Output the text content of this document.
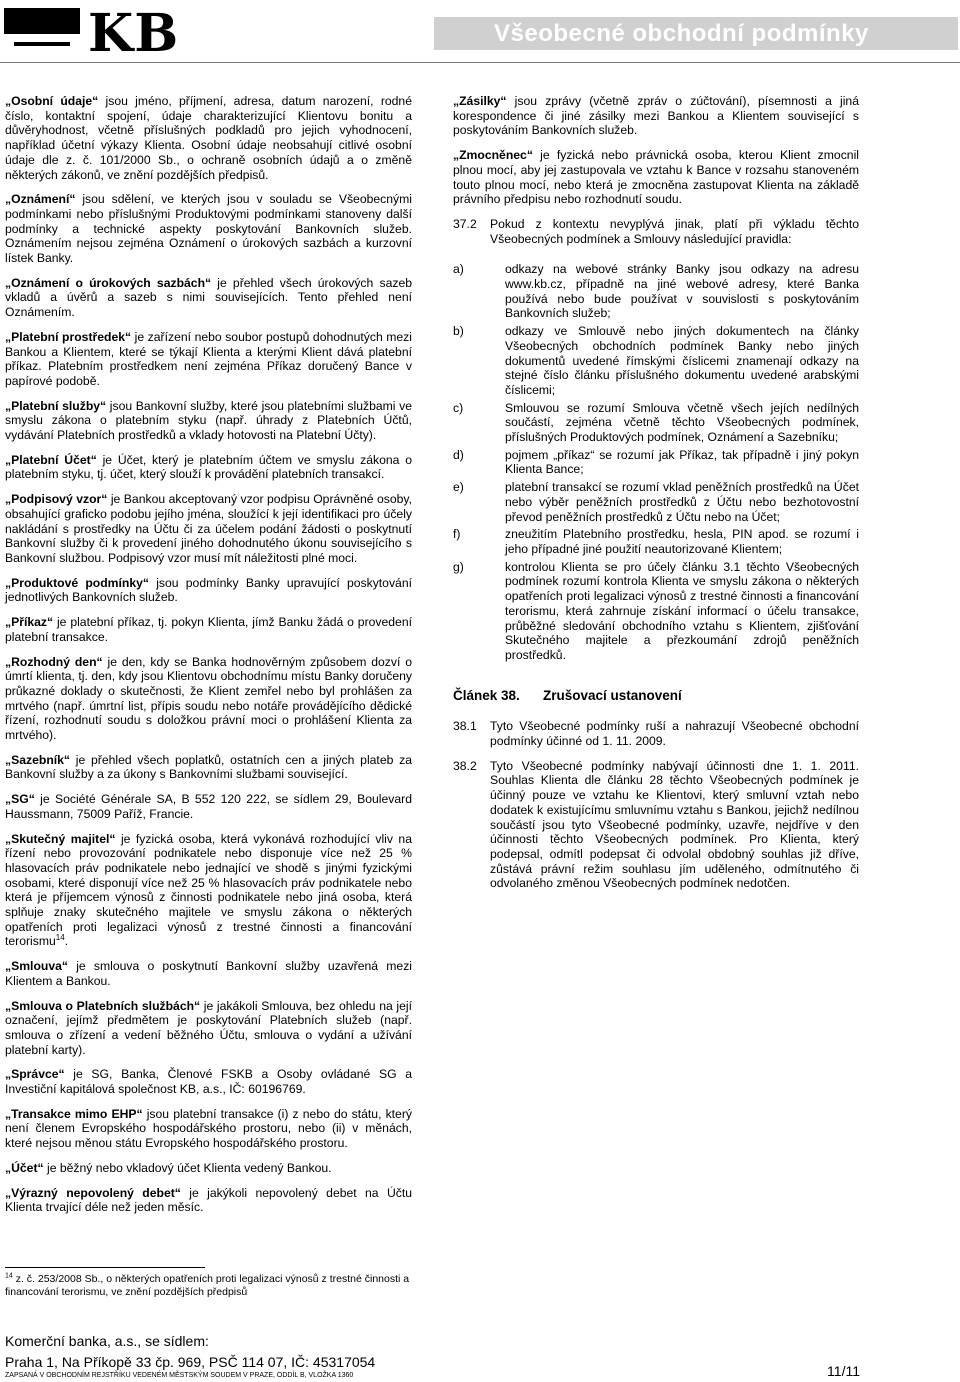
KB	Všeobecné obchodní podmínky

„Osobní údaje“ jsou jméno, příjmení, adresa, datum narození, rodné číslo, kontaktní spojení, údaje charakterizující Klientovu bonitu a důvěryhodnost, včetně příslušných podkladů pro jejich vyhodnocení, například účetní výkazy Klienta. Osobní údaje neobsahují citlivé osobní údaje dle z. č. 101/2000 Sb., o ochraně osobních údajů a o změně některých zákonů, ve znění pozdějších předpisů.

„Oznámení“ jsou sdělení, ve kterých jsou v souladu se Všeobecnými podmínkami nebo příslušnými Produktovými podmínkami stanoveny další podmínky a technické aspekty poskytování Bankovních služeb. Oznámením nejsou zejména Oznámení o úrokových sazbách a kurzovní lístek Banky.

„Oznámení o úrokových sazbách“ je přehled všech úrokových sazeb vkladů a úvěrů a sazeb s nimi souvisejících. Tento přehled není Oznámením.

„Platební prostředek“ je zařízení nebo soubor postupů dohodnutých mezi Bankou a Klientem, které se týkají Klienta a kterými Klient dává platební příkaz. Platebním prostředkem není zejména Příkaz doručený Bance v papírové podobě.

„Platební služby“ jsou Bankovní služby, které jsou platebními službami ve smyslu zákona o platebním styku (např. úhrady z Platebních Účtů, vydávání Platebních prostředků a vklady hotovosti na Platební Účty).

„Platební Účet“ je Účet, který je platebním účtem ve smyslu zákona o platebním styku, tj. účet, který slouží k provádění platebních transakcí.

„Podpisový vzor“ je Bankou akceptovaný vzor podpisu Oprávněné osoby, obsahující graficko podobu jejího jména, sloužící k její identifikaci pro účely nakládání s prostředky na Účtu či za účelem podání žádosti o poskytnutí Bankovní služby či k provedení jiného dohodnutého úkonu souvisejícího s Bankovní službou. Podpisový vzor musí mít náležitosti plné moci.

„Produktové podmínky“ jsou podmínky Banky upravující poskytování jednotlivých Bankovních služeb.

„Příkaz“ je platební příkaz, tj. pokyn Klienta, jímž Banku žádá o provedení platební transakce.

„Rozhodný den“ je den, kdy se Banka hodnověrným způsobem dozví o úmrtí klienta, tj. den, kdy jsou Klientovu obchodnímu místu Banky doručeny průkazné doklady o skutečnosti, že Klient zemřel nebo byl prohlášen za mrtvého (např. úmrtní list, přípis soudu nebo notáře provádějícího dědické řízení, rozhodnutí soudu s doložkou právní moci o prohlášení Klienta za mrtvého).

„Sazebník“ je přehled všech poplatků, ostatních cen a jiných plateb za Bankovní služby a za úkony s Bankovními službami související.

„SG“ je Société Générale SA, B 552 120 222, se sídlem 29, Boulevard Haussmann, 75009 Paříž, Francie.

„Skutečný majitel“ je fyzická osoba, která vykonává rozhodující vliv na řízení nebo provozování podnikatele nebo disponuje více než 25 % hlasovacích práv podnikatele nebo jednající ve shodě s jinými fyzickými osobami, které disponují více než 25 % hlasovacích práv podnikatele nebo která je příjemcem výnosů z činnosti podnikatele nebo jiná osoba, která splňuje znaky skutečného majitele ve smyslu zákona o některých opatřeních proti legalizaci výnosů z trestné činnosti a financování terorismu$^{14}$.

„Smlouva“ je smlouva o poskytnutí Bankovní služby uzavřená mezi Klientem a Bankou.

„Smlouva o Platebních službách“ je jakákoli Smlouva, bez ohledu na její označení, jejímž předmětem je poskytování Platebních služeb (např. smlouva o zřízení a vedení běžného Účtu, smlouva o vydání a užívání platební karty).

„Správce“ je SG, Banka, Členové FSKB a Osoby ovládané SG a Investiční kapitálová společnost KB, a.s., IČ: 60196769.

„Transakce mimo EHP“ jsou platební transakce (i) z nebo do státu, který není členem Evropského hospodářského prostoru, nebo (ii) v měnách, které nejsou měnou státu Evropského hospodářského prostoru.

„Účet“ je běžný nebo vkladový účet Klienta vedený Bankou.

„Výrazný nepovolený debet“ je jakýkoli nepovolený debet na Účtu Klienta trvající déle než jeden měsíc.

„Zásilky“ jsou zprávy (včetně zpráv o zúčtování), písemnosti a jiná korespondence či jiné zásilky mezi Bankou a Klientem související s poskytováním Bankovních služeb.

„Zmocněnec“ je fyzická nebo právnická osoba, kterou Klient zmocnil plnou mocí, aby jej zastupovala ve vztahu k Bance v rozsahu stanoveném touto plnou mocí, nebo která je zmocněna zastupovat Klienta na základě právního předpisu nebo rozhodnutí soudu.

37.2	Pokud z kontextu nevyplývá jinak, platí při výkladu těchto Všeobecných podmínek a Smlouvy následující pravidla:
a)	odkazy na webové stránky Banky jsou odkazy na adresu www.kb.cz, případně na jiné webové adresy, které Banka používá nebo bude používat v souvislosti s poskytováním Bankovních služeb;
b)	odkazy ve Smlouvě nebo jiných dokumentech na články Všeobecných obchodních podmínek Banky nebo jiných dokumentů uvedené římskými číslicemi znamenají odkazy na stejné číslo článku příslušného dokumentu uvedené arabskými číslicemi;
c)	Smlouvou se rozumí Smlouva včetně všech jejích nedílných součástí, zejména včetně těchto Všeobecných podmínek, příslušných Produktových podmínek, Oznámení a Sazebníku;
d)	pojmem „příkaz“ se rozumí jak Příkaz, tak případně i jiný pokyn Klienta Bance;
e)	platební transakcí se rozumí vklad peněžních prostředků na Účet nebo výběr peněžních prostředků z Účtu nebo bezhotovostní převod peněžních prostředků z Účtu nebo na Účet;
f)	zneužitím Platebního prostředku, hesla, PIN apod. se rozumí i jeho případné jiné použití neautorizované Klientem;
g)	kontrolou Klienta se pro účely článku 3.1 těchto Všeobecných podmínek rozumí kontrola Klienta ve smyslu zákona o některých opatřeních proti legalizaci výnosů z trestné činnosti a financování terorismu, která zahrnuje získání informací o účelu transakce, průběžné sledování obchodního vztahu s Klientem, zjišťování Skutečného majitele a přezkoumání zdrojů peněžních prostředků.
Článek 38.	Zrušovací ustanovení
38.1	Tyto Všeobecné podmínky ruší a nahrazují Všeobecné obchodní podmínky účinné od 1. 11. 2009.
38.2	Tyto Všeobecné podmínky nabývají účinnosti dne 1. 1. 2011. Souhlas Klienta dle článku 28 těchto Všeobecných podmínek je účinný pouze ve vztahu ke Klientovi, který smluvní vztah nebo dodatek k existujícímu smluvnímu vztahu s Bankou, jejichž nedílnou součástí jsou tyto Všeobecné podmínky, uzavře, nejdříve v den účinnosti těchto Všeobecných podmínek. Pro Klienta, který podepsal, odmítl podepsat či odvolal obdobný souhlas již dříve, zůstává právní režim souhlasu jím uděleného, odmítnutého či odvolaného změnou Všeobecných podmínek nedotčen.
$^{14}$ z. č. 253/2008 Sb., o některých opatřeních proti legalizaci výnosů z trestné činnosti a financování terorismu, ve znění pozdějších předpisů
Komerční banka, a.s., se sídlem:
Praha 1, Na Příkopě 33 čp. 969, PSČ 114 07, IČ: 45317054
ZAPSANÁ V OBCHODNÍM REJSTŘÍKU VEDENÉM MĚSTSKÝM SOUDEM V PRAZE, ODDÍL B, VLOŽKA 1360	11/11
